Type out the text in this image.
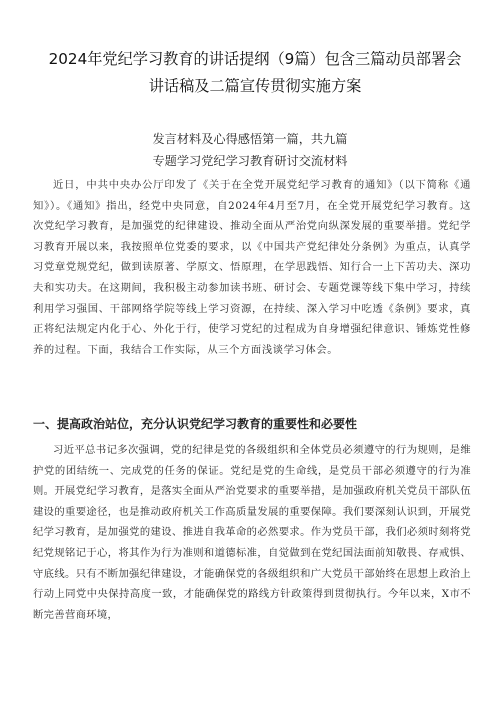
2024年党纪学习教育的讲话提纲（9篇）包含三篇动员部署会
讲话稿及二篇宣传贯彻实施方案

发言材料及心得感悟第一篇，共九篇

专题学习党纪学习教育研讨交流材料

近日，中共中央办公厅印发了《关于在全党开展党纪学习教育的通知》（以下简称《通知》）。《通知》指出，经党中央同意，自2024年4月至7月，在全党开展党纪学习教育。这次党纪学习教育，是加强党的纪律建设、推动全面从严治党向纵深发展的重要举措。党纪学习教育开展以来，我按照单位党委的要求，以《中国共产党纪律处分条例》为重点，认真学习党章党规党纪，做到读原著、学原文、悟原理，在学思践悟、知行合一上下苦功夫、深功夫和实功夫。在这期间，我积极主动参加读书班、研讨会、专题党课等线下集中学习，持续利用学习强国、干部网络学院等线上学习资源，在持续、深入学习中吃透《条例》要求，真正将纪法规定内化于心、外化于行，使学习党纪的过程成为自身增强纪律意识、锤炼党性修养的过程。下面，我结合工作实际，从三个方面浅谈学习体会。

一、提高政治站位，充分认识党纪学习教育的重要性和必要性

习近平总书记多次强调，党的纪律是党的各级组织和全体党员必须遵守的行为规则，是维护党的团结统一、完成党的任务的保证。党纪是党的生命线，是党员干部必须遵守的行为准则。开展党纪学习教育，是落实全面从严治党要求的重要举措，是加强政府机关党员干部队伍建设的重要途径，也是推动政府机关工作高质量发展的重要保障。我们要深刻认识到，开展党纪学习教育，是加强党的建设、推进自我革命的必然要求。作为党员干部，我们必须时刻将党纪党规铭记于心，将其作为行为准则和道德标准，自觉做到在党纪国法面前知敬畏、存戒惧、守底线。只有不断加强纪律建设，才能确保党的各级组织和广大党员干部始终在思想上政治上行动上同党中央保持高度一致，才能确保党的路线方针政策得到贯彻执行。今年以来，X市不断完善营商环境，
